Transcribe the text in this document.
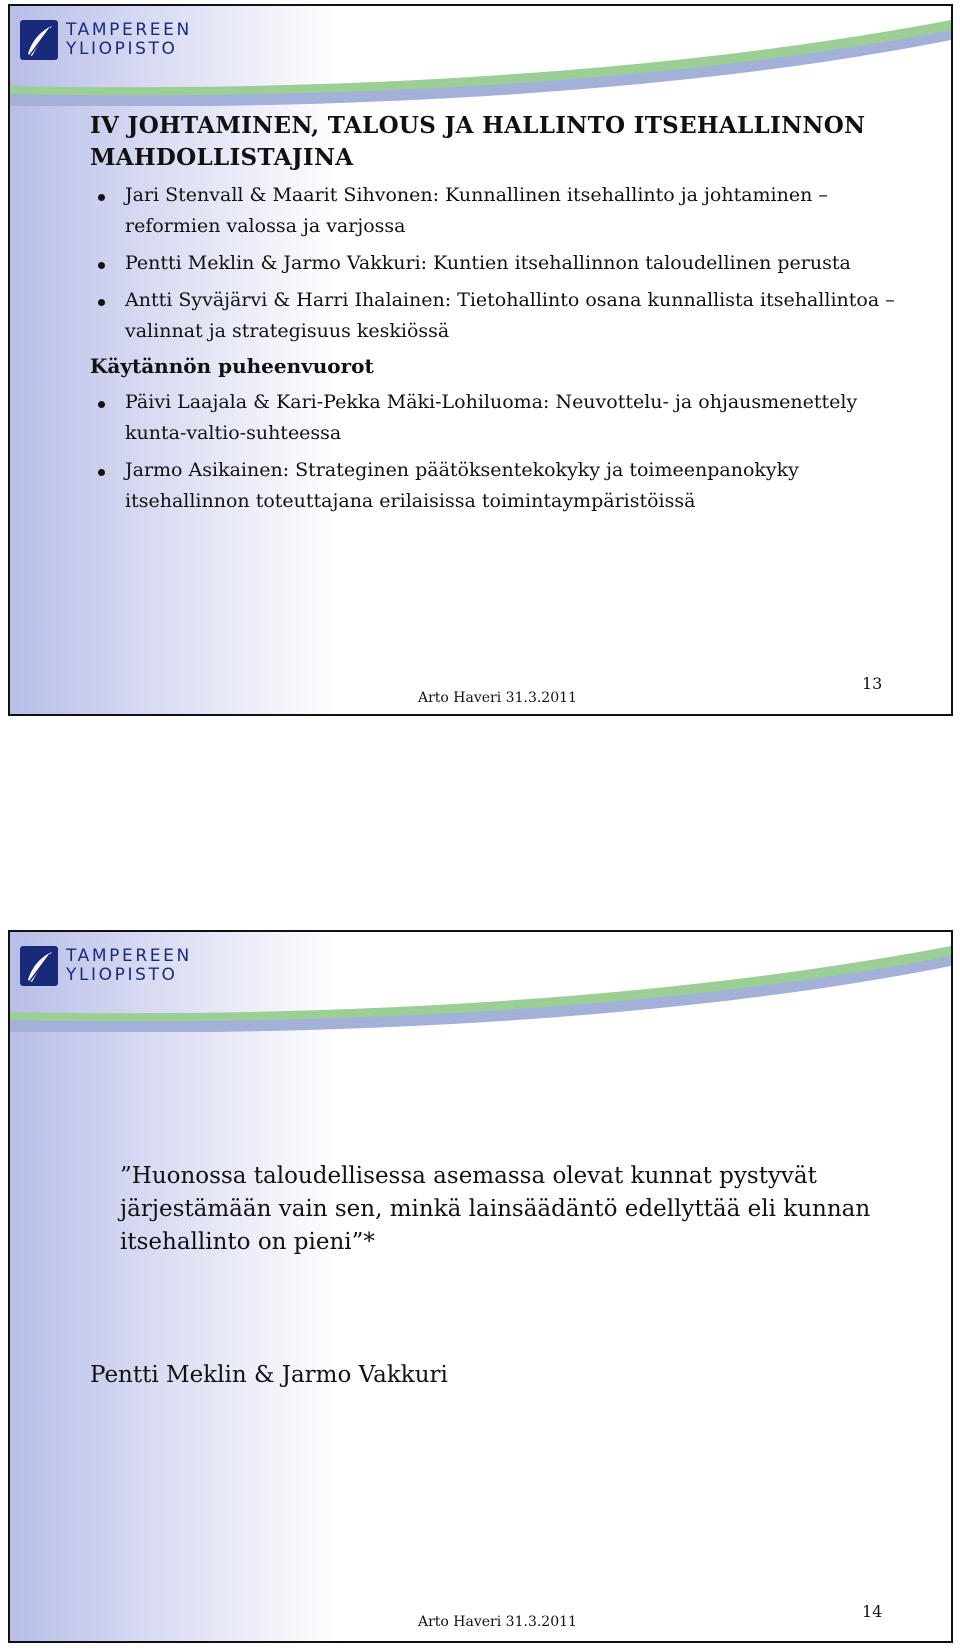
TAMPEREEN
YLIOPISTO
IV JOHTAMINEN, TALOUS JA HALLINTO ITSEHALLINNON MAHDOLLISTAJINA
Jari Stenvall & Maarit Sihvonen: Kunnallinen itsehallinto ja johtaminen – reformien valossa ja varjossa
Pentti Meklin & Jarmo Vakkuri: Kuntien itsehallinnon taloudellinen perusta
Antti Syväjärvi & Harri Ihalainen: Tietohallinto osana kunnallista itsehallintoa – valinnat ja strategisuus keskiössä
Käytännön puheenvuorot
Päivi Laajala & Kari-Pekka Mäki-Lohiluoma: Neuvottelu- ja ohjausmenettely kunta-valtio-suhteessa
Jarmo Asikainen: Strateginen päätöksentekokyky ja toimeenpanokyky itsehallinnon toteuttajana erilaisissa toimintaympäristöissä
Arto Haveri 31.3.2011
13
TAMPEREEN
YLIOPISTO
”Huonossa taloudellisessa asemassa olevat kunnat pystyvät järjestämään vain sen, minkä lainsäädäntö edellyttää eli kunnan itsehallinto on pieni”*
Pentti Meklin & Jarmo Vakkuri
Arto Haveri 31.3.2011
14
